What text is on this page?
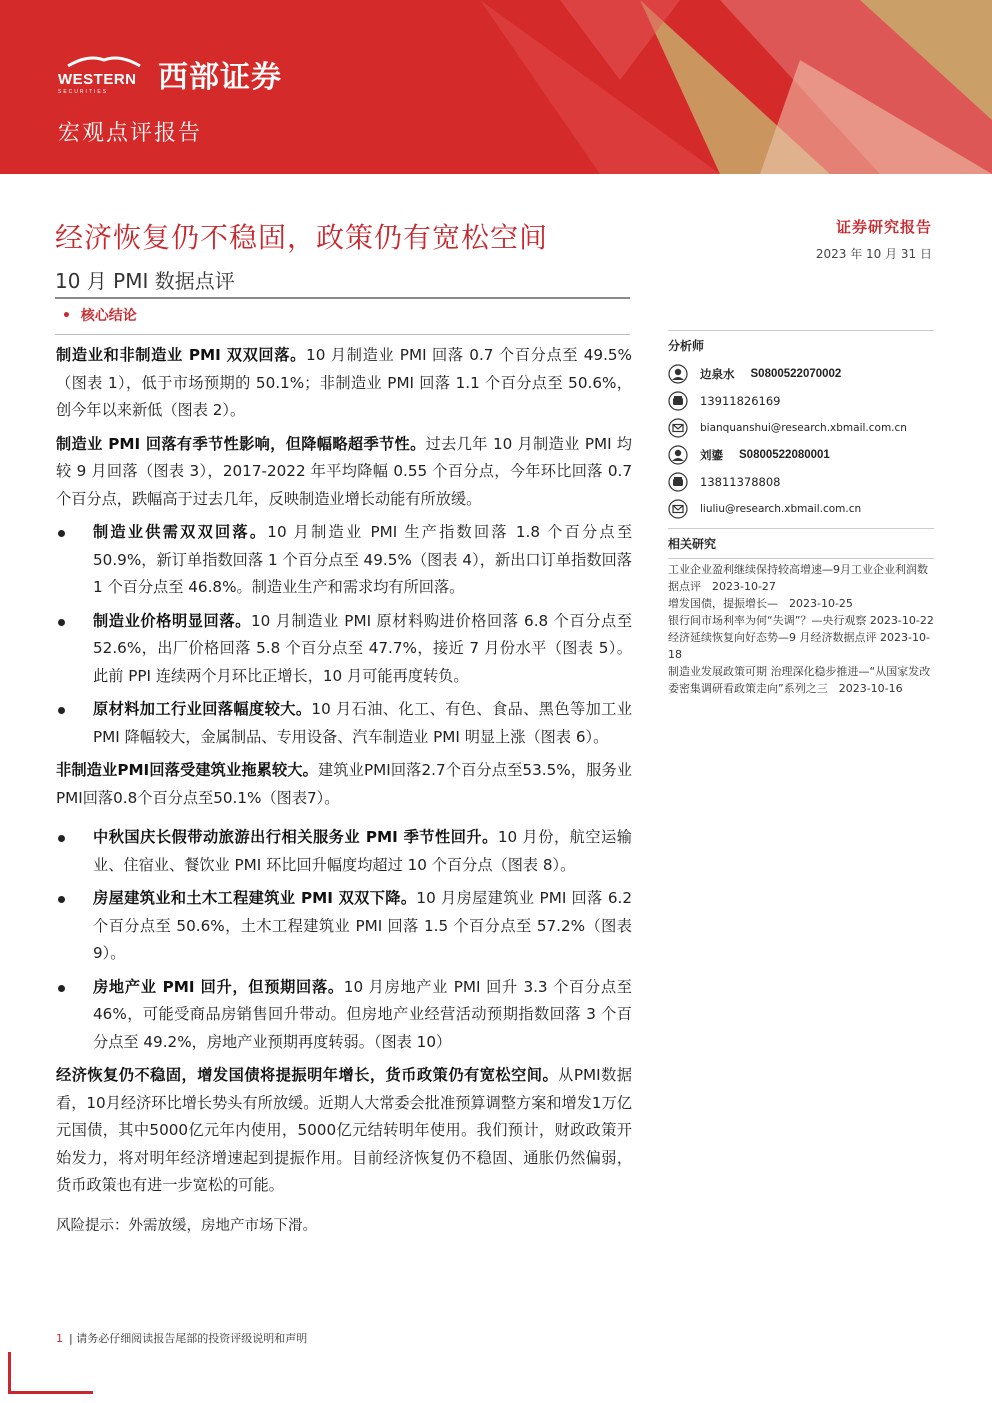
WESTERN
SECURITIES	西部证券
宏观点评报告
经济恢复仍不稳固，政策仍有宽松空间
10 月 PMI 数据点评
•  核心结论
证券研究报告
2023 年 10 月 31 日

制造业和非制造业 PMI 双双回落。10 月制造业 PMI 回落 0.7 个百分点至 49.5%（图表 1），低于市场预期的 50.1%；非制造业 PMI 回落 1.1 个百分点至 50.6%，创今年以来新低（图表 2）。

制造业 PMI 回落有季节性影响，但降幅略超季节性。过去几年 10 月制造业 PMI 均较 9 月回落（图表 3），2017-2022 年平均降幅 0.55 个百分点，今年环比回落 0.7 个百分点，跌幅高于过去几年，反映制造业增长动能有所放缓。

制造业供需双双回落。10 月制造业 PMI 生产指数回落 1.8 个百分点至 50.9%，新订单指数回落 1 个百分点至 49.5%（图表 4），新出口订单指数回落 1 个百分点至 46.8%。制造业生产和需求均有所回落。

制造业价格明显回落。10 月制造业 PMI 原材料购进价格回落 6.8 个百分点至 52.6%，出厂价格回落 5.8 个百分点至 47.7%，接近 7 月份水平（图表 5）。此前 PPI 连续两个月环比正增长，10 月可能再度转负。

原材料加工行业回落幅度较大。10 月石油、化工、有色、食品、黑色等加工业 PMI 降幅较大，金属制品、专用设备、汽车制造业 PMI 明显上涨（图表 6）。

非制造业PMI回落受建筑业拖累较大。建筑业PMI回落2.7个百分点至53.5%，服务业PMI回落0.8个百分点至50.1%（图表7）。

中秋国庆长假带动旅游出行相关服务业 PMI 季节性回升。10 月份，航空运输业、住宿业、餐饮业 PMI 环比回升幅度均超过 10 个百分点（图表 8）。

房屋建筑业和土木工程建筑业 PMI 双双下降。10 月房屋建筑业 PMI 回落 6.2 个百分点至 50.6%，土木工程建筑业 PMI 回落 1.5 个百分点至 57.2%（图表 9）。

房地产业 PMI 回升，但预期回落。10 月房地产业 PMI 回升 3.3 个百分点至 46%，可能受商品房销售回升带动。但房地产业经营活动预期指数回落 3 个百分点至 49.2%，房地产业预期再度转弱。（图表 10）

经济恢复仍不稳固，增发国债将提振明年增长，货币政策仍有宽松空间。从PMI数据看，10月经济环比增长势头有所放缓。近期人大常委会批准预算调整方案和增发1万亿元国债，其中5000亿元年内使用，5000亿元结转明年使用。我们预计，财政政策开始发力，将对明年经济增速起到提振作用。目前经济恢复仍不稳固、通胀仍然偏弱，货币政策也有进一步宽松的可能。

风险提示：外需放缓，房地产市场下滑。
分析师
边泉水 S0800522070002
13911826169
bianquanshui@research.xbmail.com.cn
刘鎏 S0800522080001
13811378808
liuliu@research.xbmail.com.cn
相关研究
工业企业盈利继续保持较高增速—9月工业企业利润数据点评　2023-10-27
增发国债，提振增长—　2023-10-25
银行间市场利率为何“失调”？—央行观察 2023-10-22
经济延续恢复向好态势—9 月经济数据点评 2023-10-18
制造业发展政策可期 治理深化稳步推进—“从国家发改委密集调研看政策走向”系列之三　2023-10-16
1 | 请务必仔细阅读报告尾部的投资评级说明和声明
